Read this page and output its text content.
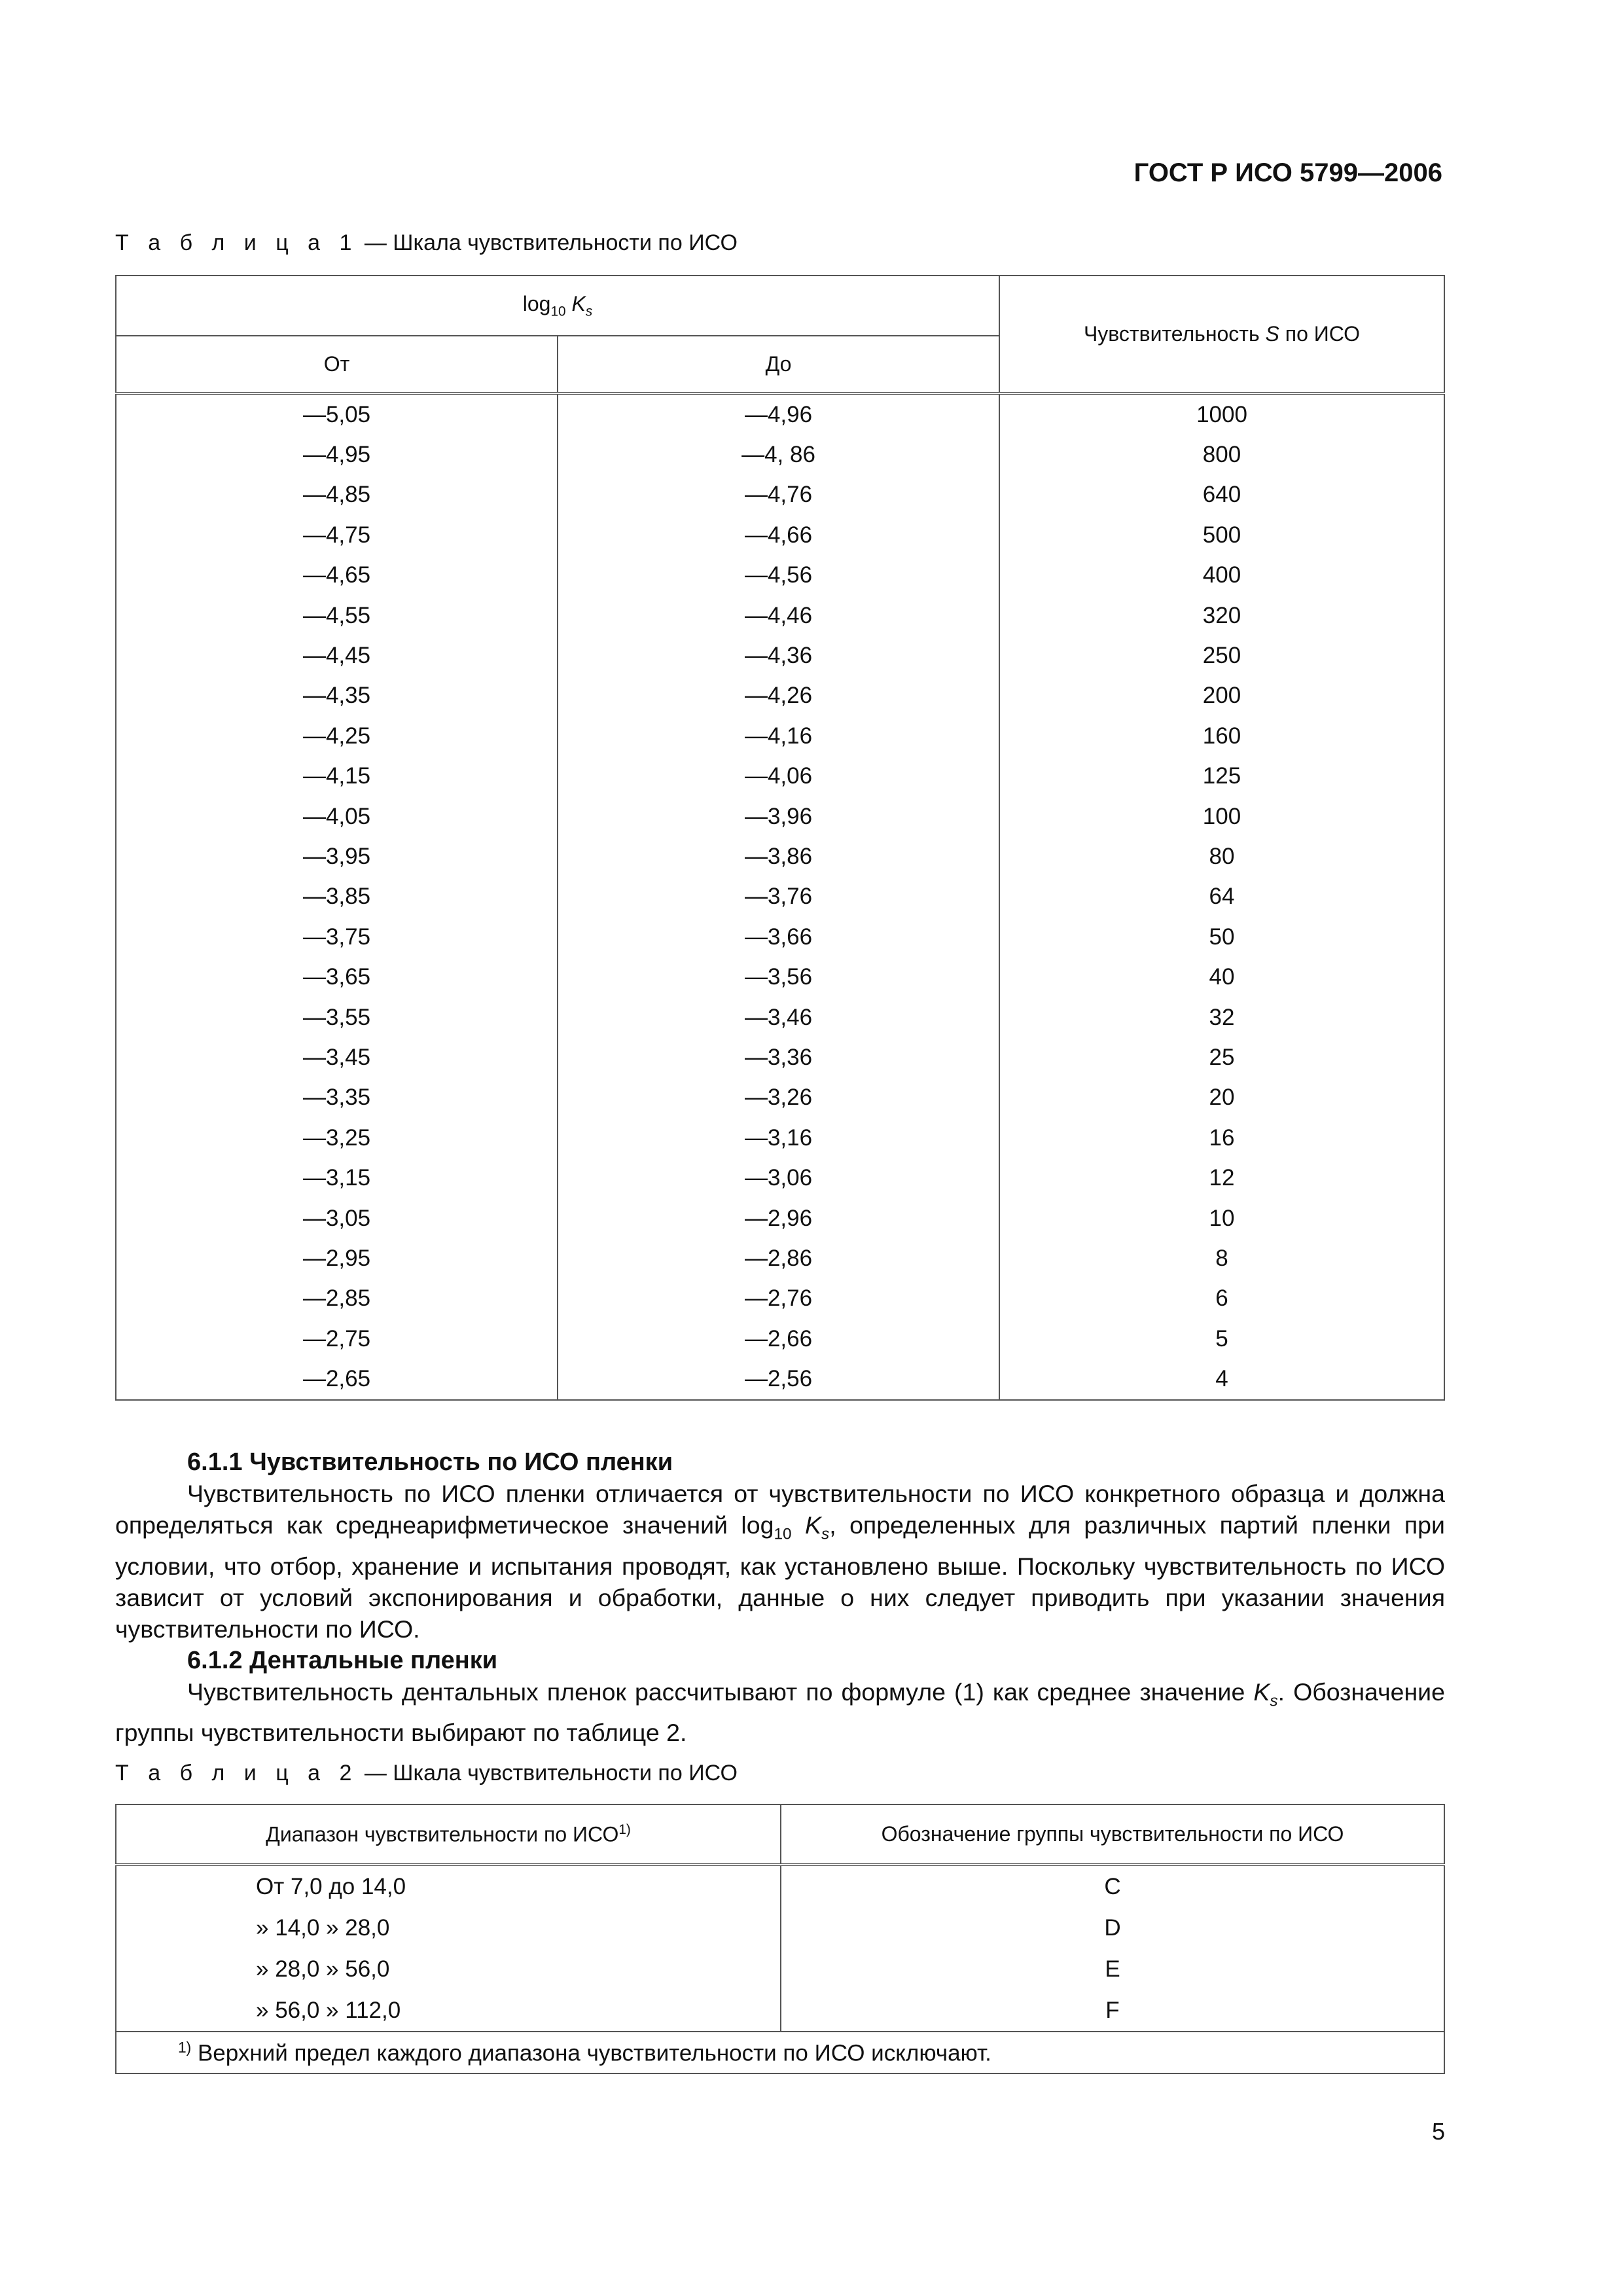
ГОСТ Р ИСО 5799—2006
Т а б л и ц а 1 — Шкала чувствительности по ИСО
$\log_{10} K_s$		Чувствительность S по ИСО
От	До	
—5,05	—4,96	1000
—4,95	—4, 86	800
—4,85	—4,76	640
—4,75	—4,66	500
—4,65	—4,56	400
—4,55	—4,46	320
—4,45	—4,36	250
—4,35	—4,26	200
—4,25	—4,16	160
—4,15	—4,06	125
—4,05	—3,96	100
—3,95	—3,86	80
—3,85	—3,76	64
—3,75	—3,66	50
—3,65	—3,56	40
—3,55	—3,46	32
—3,45	—3,36	25
—3,35	—3,26	20
—3,25	—3,16	16
—3,15	—3,06	12
—3,05	—2,96	10
—2,95	—2,86	8
—2,85	—2,76	6
—2,75	—2,66	5
—2,65	—2,56	4
6.1.1 Чувствительность по ИСО пленки

Чувствительность по ИСО пленки отличается от чувствительности по ИСО конкретного образца и должна определяться как среднеарифметическое значений $\log_{10} K_s$, определенных для различных партий пленки при условии, что отбор, хранение и испытания проводят, как установлено выше. Поскольку чувствительность по ИСО зависит от условий экспонирования и обработки, данные о них следует приводить при указании значения чувствительности по ИСО.

6.1.2 Дентальные пленки

Чувствительность дентальных пленок рассчитывают по формуле (1) как среднее значение $K_s$. Обозначение группы чувствительности выбирают по таблице 2.

Т а б л и ц а 2 — Шкала чувствительности по ИСО
Диапазон чувствительности по ИСО$^{1)}$	Обозначение группы чувствительности по ИСО
От 7,0 до 14,0	C
» 14,0 » 28,0	D
» 28,0 » 56,0	E
» 56,0 » 112,0	F
$^{1)}$ Верхний предел каждого диапазона чувствительности по ИСО исключают.	
5
